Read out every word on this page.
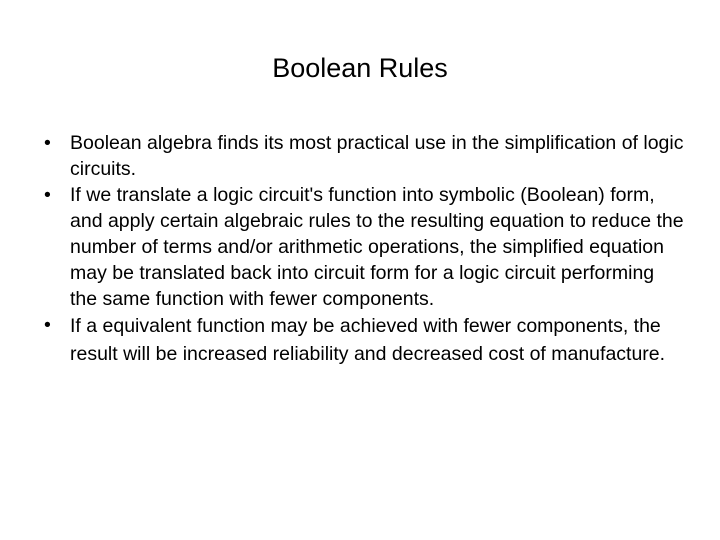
Boolean Rules
• Boolean algebra finds its most practical use in the simplification of logic circuits.
• If we translate a logic circuit's function into symbolic (Boolean) form, and apply certain algebraic rules to the resulting equation to reduce the number of terms and/or arithmetic operations, the simplified equation may be translated back into circuit form for a logic circuit performing the same function with fewer components.
• If a equivalent function may be achieved with fewer components, the result will be increased reliability and decreased cost of manufacture.
